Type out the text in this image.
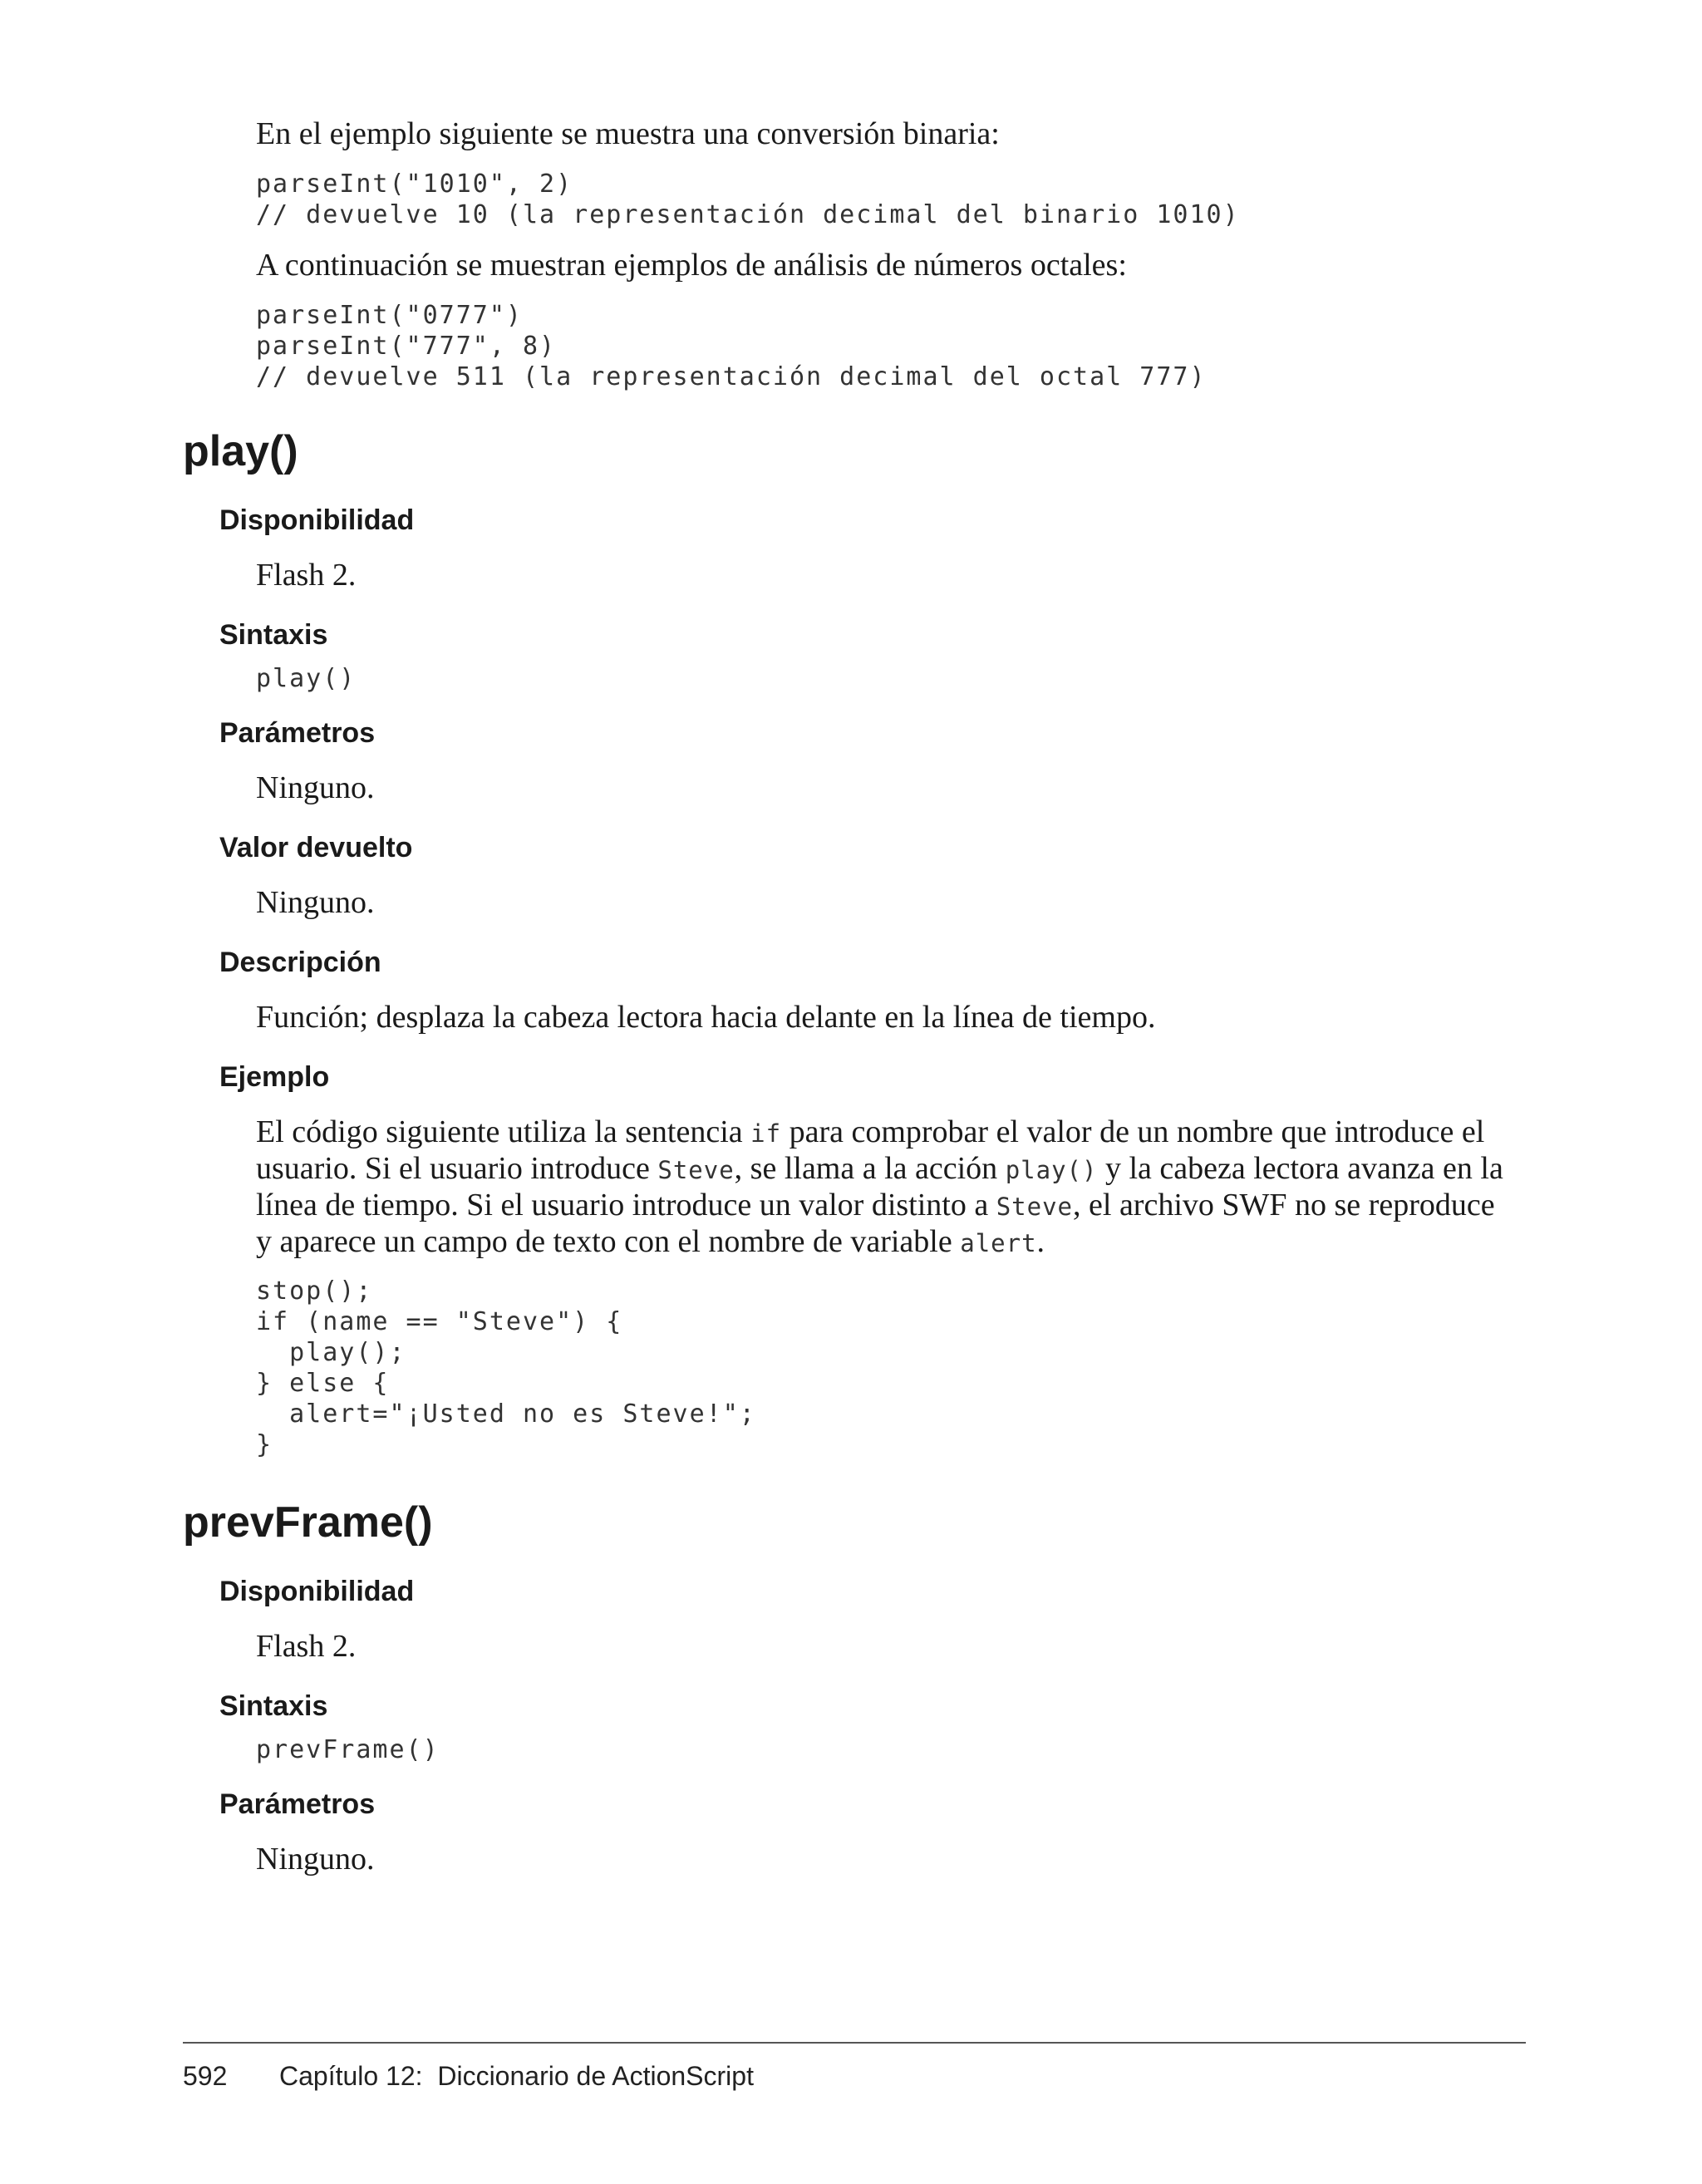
En el ejemplo siguiente se muestra una conversión binaria:
parseInt("1010", 2)
// devuelve 10 (la representación decimal del binario 1010)
A continuación se muestran ejemplos de análisis de números octales:
parseInt("0777")
parseInt("777", 8)
// devuelve 511 (la representación decimal del octal 777)
play()
Disponibilidad
Flash 2.
Sintaxis
play()
Parámetros
Ninguno.
Valor devuelto
Ninguno.
Descripción
Función; desplaza la cabeza lectora hacia delante en la línea de tiempo.
Ejemplo
El código siguiente utiliza la sentencia if para comprobar el valor de un nombre que introduce el
usuario. Si el usuario introduce Steve, se llama a la acción play() y la cabeza lectora avanza en la
línea de tiempo. Si el usuario introduce un valor distinto a Steve, el archivo SWF no se reproduce
y aparece un campo de texto con el nombre de variable alert.
stop();
if (name == "Steve") {
play();
} else {
alert="¡Usted no es Steve!";
}
prevFrame()
Disponibilidad
Flash 2.
Sintaxis
prevFrame()
Parámetros
Ninguno.
592 Capítulo 12:  Diccionario de ActionScript
